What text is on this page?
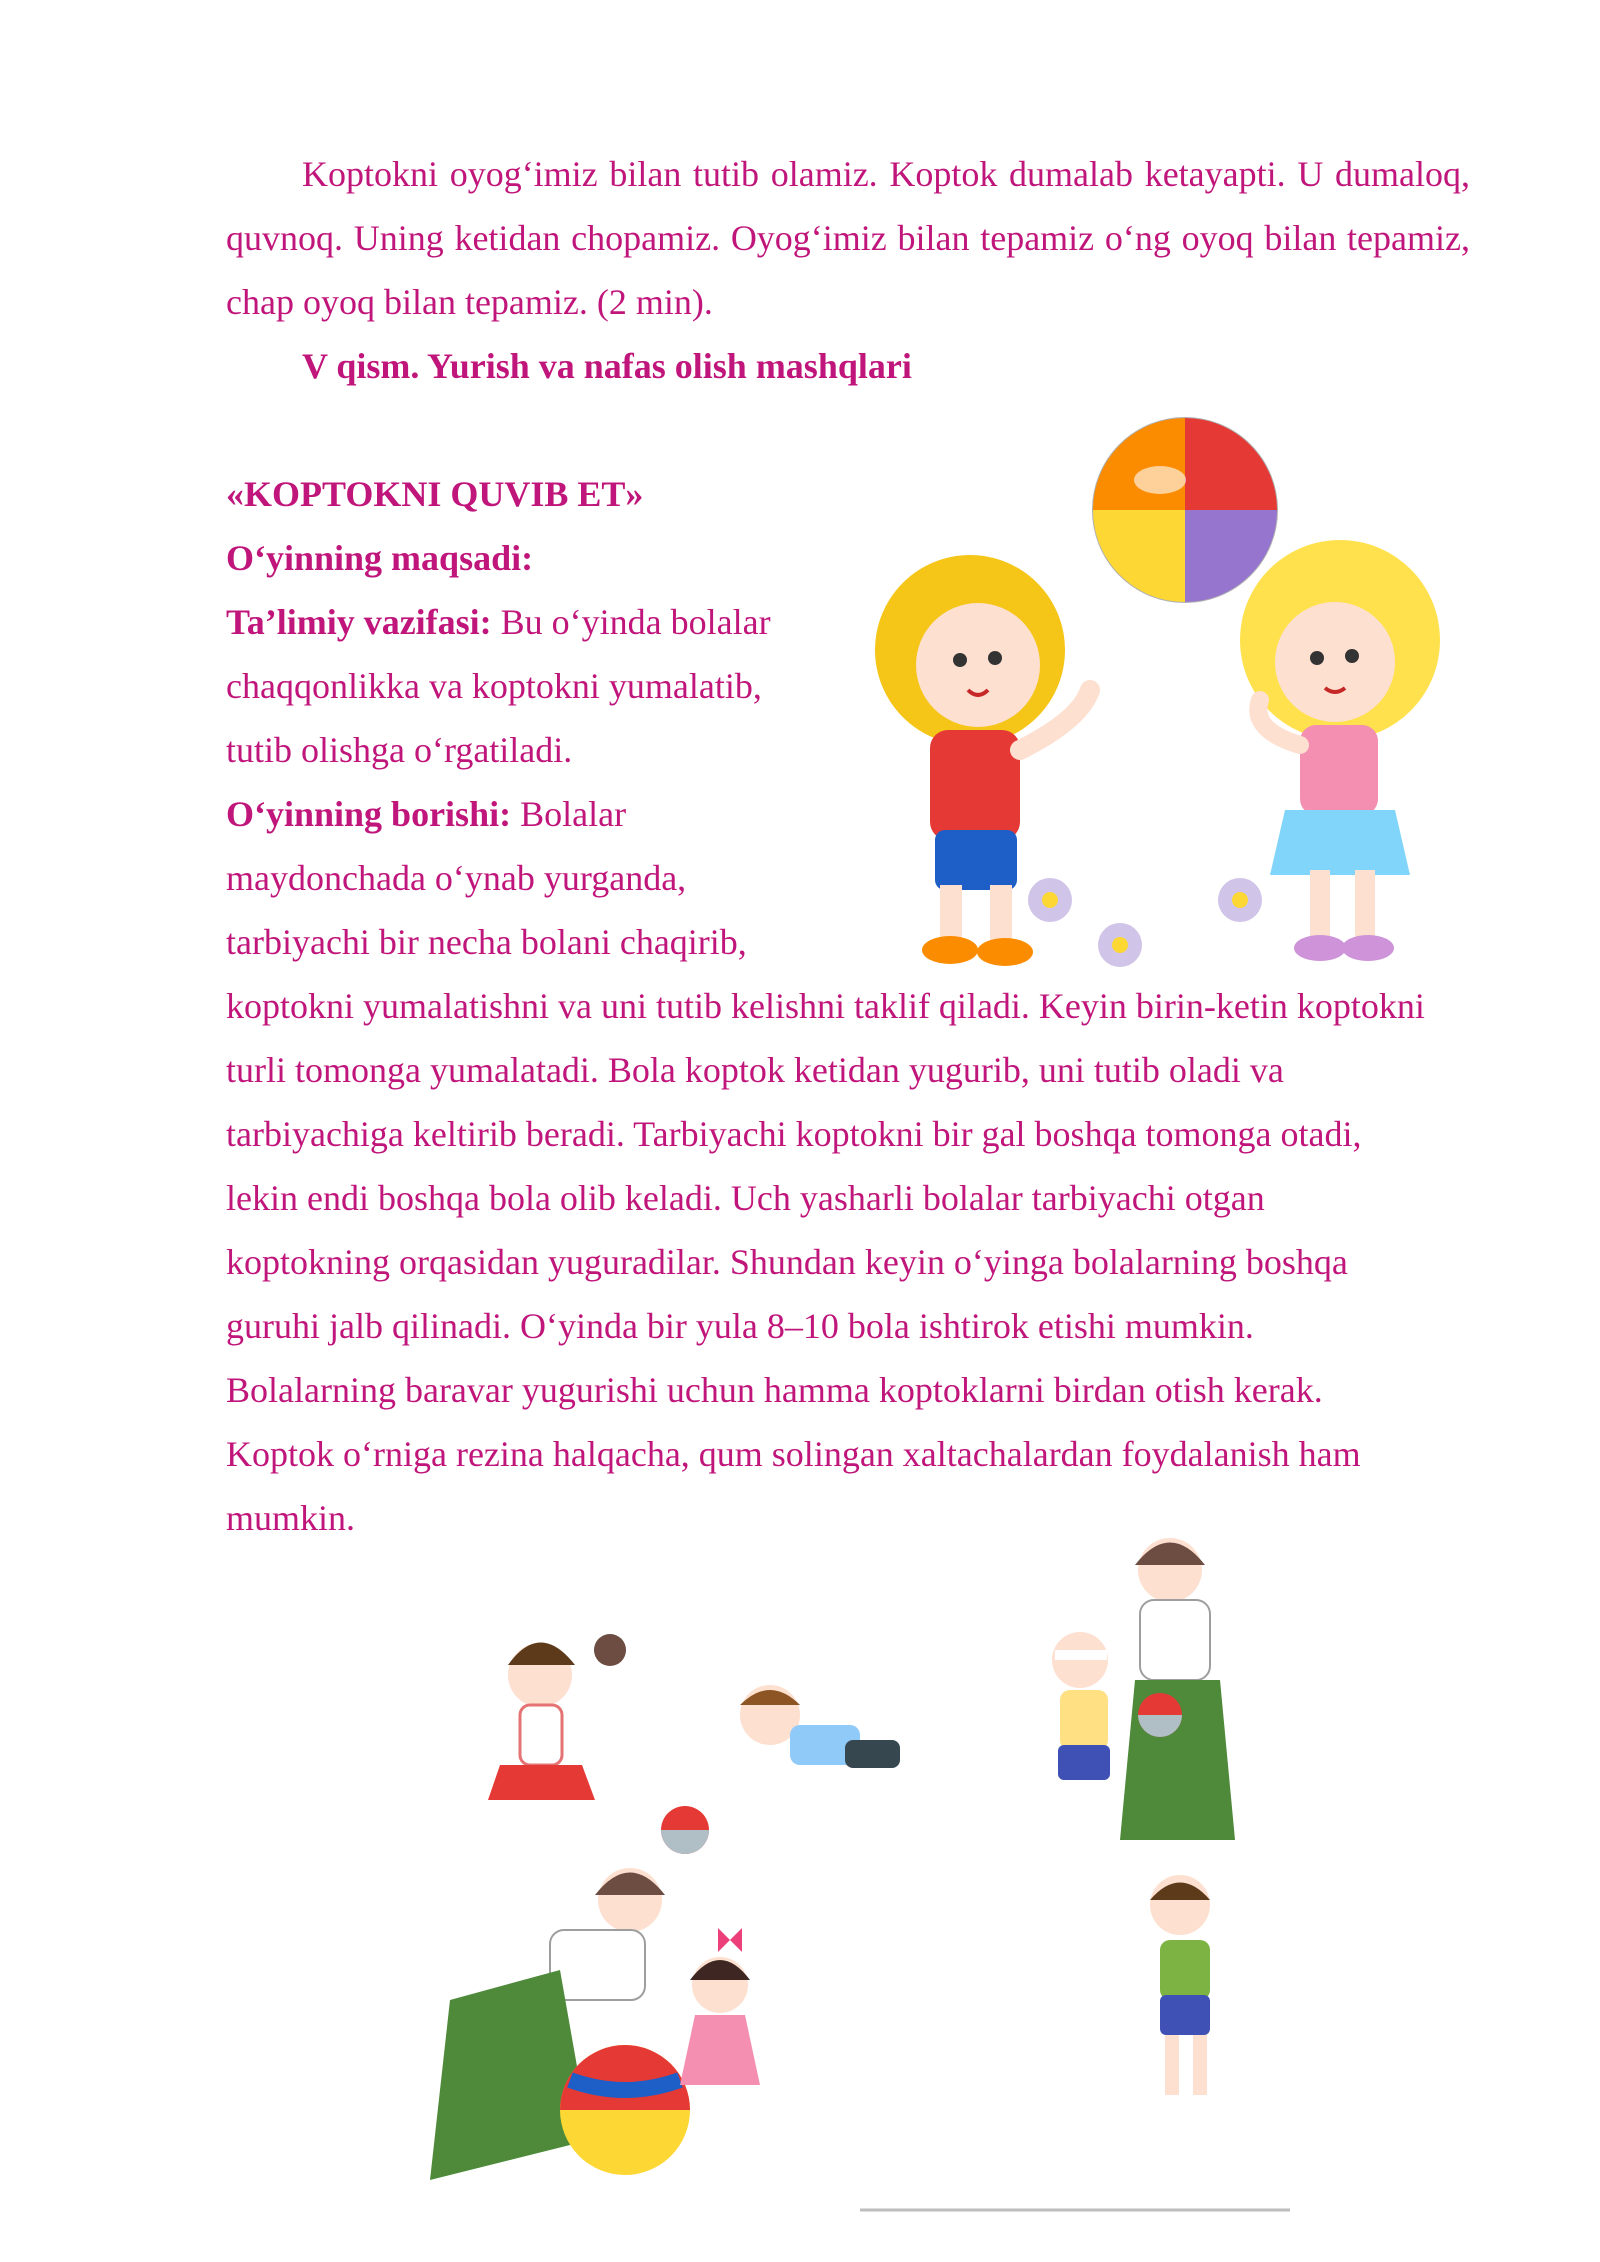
Koptokni oyog‘imiz bilan tutib olamiz. Koptok dumalab ketayapti. U dumaloq, quvnoq. Uning ketidan chopamiz. Oyog‘imiz bilan tepamiz o‘ng oyoq bilan tepamiz, chap oyoq bilan tepamiz. (2 min).
V qism. Yurish va nafas olish mashqlari
«KOPTOKNI QUVIB ET»
O‘yinning maqsadi:
Ta’limiy vazifasi: Bu o‘yinda bolalar
chaqqonlikka va koptokni yumalatib,
tutib olishga o‘rgatiladi.
O‘yinning borishi: Bolalar
maydonchada o‘ynab yurganda,
tarbiyachi bir necha bolani chaqirib,
koptokni yumalatishni va uni tutib kelishni taklif qiladi. Keyin birin-ketin koptokni
turli tomonga yumalatadi. Bola koptok ketidan yugurib, uni tutib oladi va
tarbiyachiga keltirib beradi. Tarbiyachi koptokni bir gal boshqa tomonga otadi,
lekin endi boshqa bola olib keladi. Uch yasharli bolalar tarbiyachi otgan
koptokning orqasidan yuguradilar. Shundan keyin o‘yinga bolalarning boshqa
guruhi jalb qilinadi. O‘yinda bir yula 8–10 bola ishtirok etishi mumkin.
Bolalarning baravar yugurishi uchun hamma koptoklarni birdan otish kerak.
Koptok o‘rniga rezina halqacha, qum solingan xaltachalardan foydalanish ham
mumkin.
